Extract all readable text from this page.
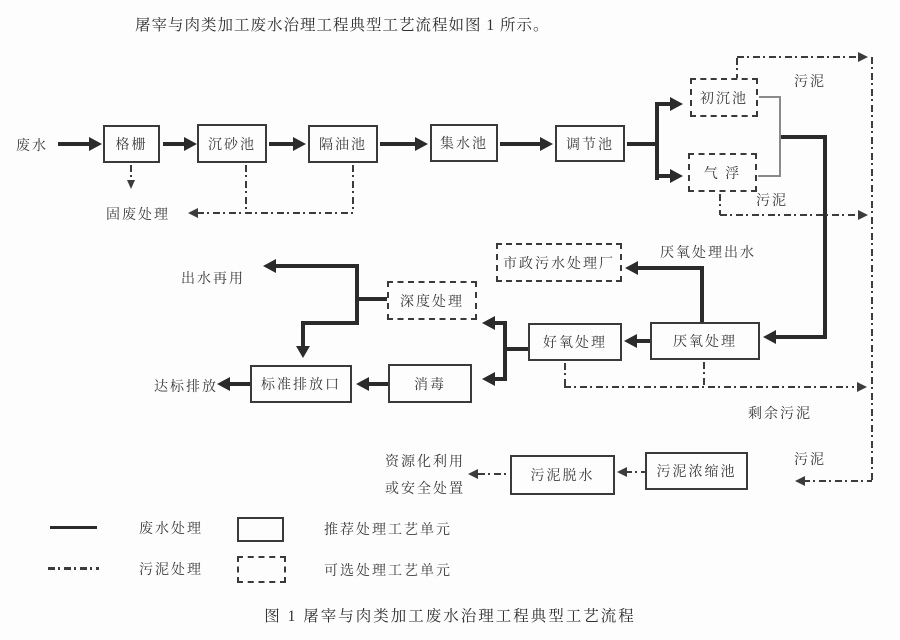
屠宰与肉类加工废水治理工程典型工艺流程如图 1 所示。
图 1 屠宰与肉类加工废水治理工程典型工艺流程
废水	格栅	沉砂池	隔油池	集水池	调节池
初沉池
气 浮
厌氧处理
好氧处理
厌氧处理出水
市政污水处理厂
深度处理
出水再用
标准排放口	消毒
达标排放
固废处理
污泥
污泥
剩余污泥
污泥
污泥浓缩池
污泥脱水
资源化利用
或安全处置
废水处理	推荐处理工艺单元
污泥处理	可选处理工艺单元
